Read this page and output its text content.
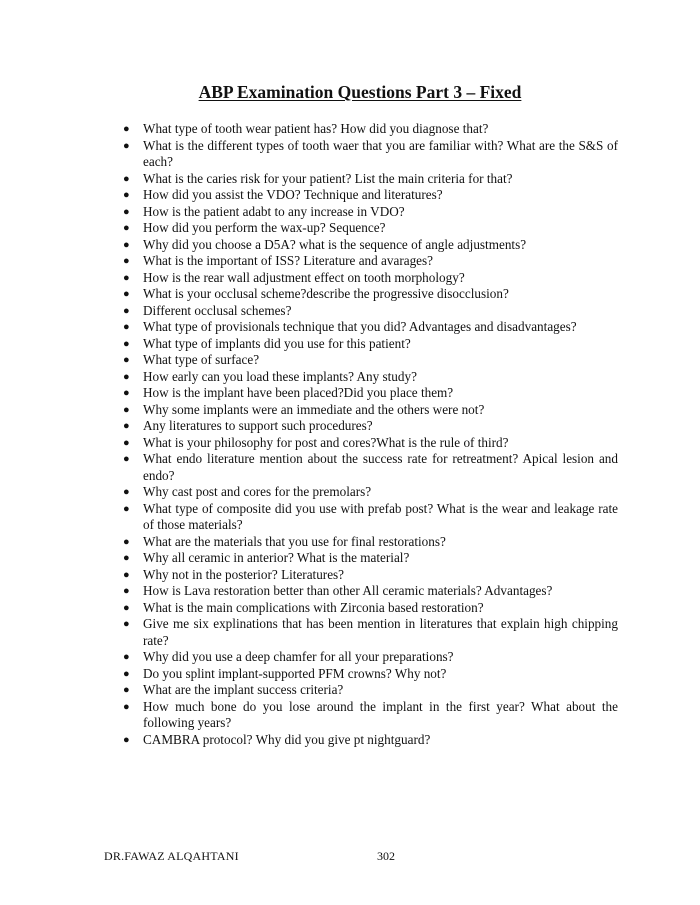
ABP Examination Questions Part 3 – Fixed
● What type of tooth wear patient has? How did you diagnose that?
● What is the different types of tooth waer that you are familiar with? What are the S&S of each?
● What is the caries risk for your patient? List the main criteria for that?
● How did you assist the VDO? Technique and literatures?
● How is the patient adabt to any increase in VDO?
● How did you perform the wax-up? Sequence?
● Why did you choose a D5A? what is the sequence of angle adjustments?
● What is the important of ISS? Literature and avarages?
● How is the rear wall adjustment effect on tooth morphology?
● What is your occlusal scheme?describe the progressive disocclusion?
● Different occlusal schemes?
● What type of provisionals technique that you did? Advantages and disadvantages?
● What type of implants did you use for this patient?
● What type of surface?
● How early can you load these implants? Any study?
● How is the implant have been placed?Did you place them?
● Why some implants were an immediate and the others were not?
● Any literatures to support such procedures?
● What is your philosophy for post and cores?What is the rule of third?
● What endo literature mention about the success rate for retreatment? Apical lesion and endo?
● Why cast post and cores for the premolars?
● What type of composite did you use with prefab post? What is the wear and leakage rate of those materials?
● What are the materials that you use for final restorations?
● Why all ceramic in anterior? What is the material?
● Why not in the posterior? Literatures?
● How is Lava restoration better than other All ceramic materials? Advantages?
● What is the main complications with Zirconia based restoration?
● Give me six explinations that has been mention in literatures that explain high chipping rate?
● Why did you use a deep chamfer for all your preparations?
● Do you splint implant-supported PFM crowns? Why not?
● What are the implant success criteria?
● How much bone do you lose around the implant in the first year? What about the following years?
● CAMBRA protocol? Why did you give pt nightguard?
DR.FAWAZ ALQAHTANI	302
